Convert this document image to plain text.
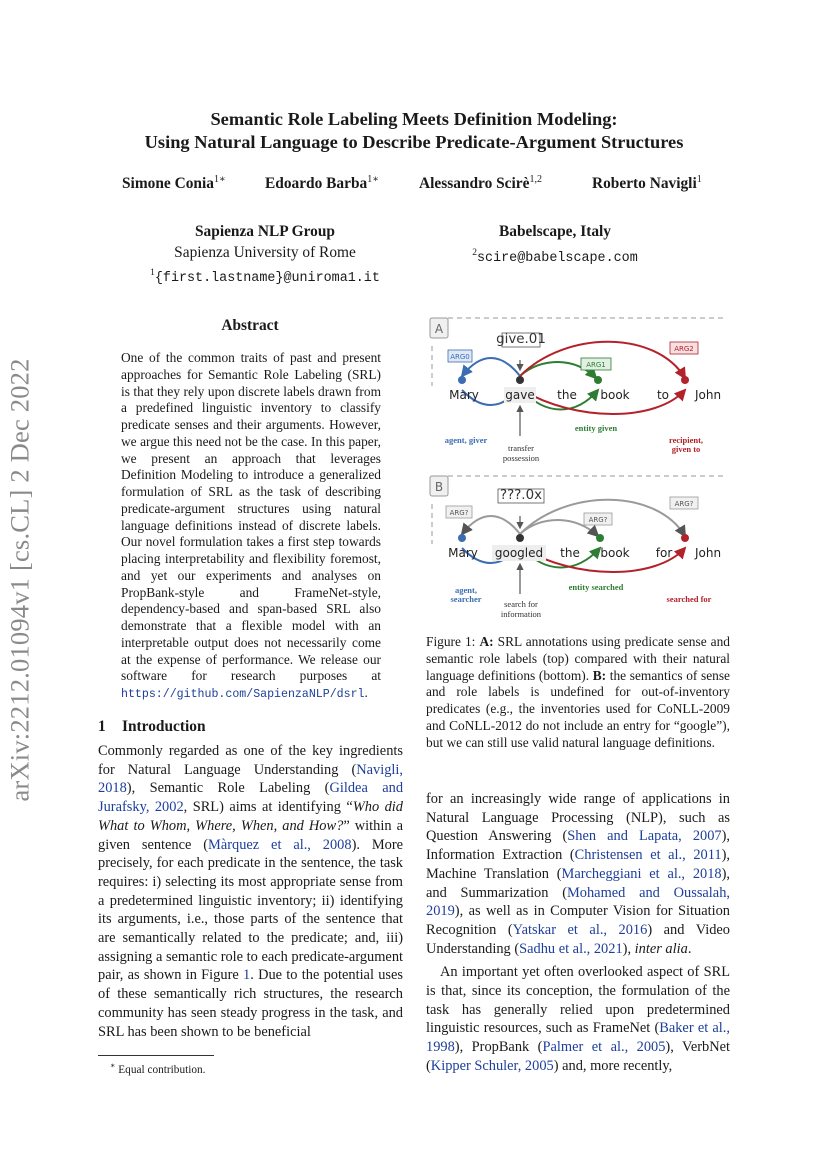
arXiv:2212.01094v1 [cs.CL] 2 Dec 2022
Semantic Role Labeling Meets Definition Modeling:
Using Natural Language to Describe Predicate-Argument Structures
Simone Conia$^{1∗}$	Edoardo Barba$^{1∗}$	Alessandro Scirè$^{1,2}$	Roberto Navigli$^1$
Sapienza NLP Group
Sapienza University of Rome
$^1${first.lastname}@uniroma1.it
Babelscape, Italy
$^2$scire@babelscape.com
Abstract
One of the common traits of past and present approaches for Semantic Role Labeling (SRL) is that they rely upon discrete labels drawn from a predefined linguistic inventory to classify predicate senses and their arguments. However, we argue this need not be the case. In this paper, we present an approach that leverages Definition Modeling to introduce a generalized formulation of SRL as the task of describing predicate-argument structures using natural language definitions instead of discrete labels. Our novel formulation takes a first step towards placing interpretability and flexibility foremost, and yet our experiments and analyses on PropBank-style and FrameNet-style, dependency-based and span-based SRL also demonstrate that a flexible model with an interpretable output does not necessarily come at the expense of performance. We release our software for research purposes at https://github.com/SapienzaNLP/dsrl.
1 Introduction

Commonly regarded as one of the key ingredients for Natural Language Understanding (Navigli, 2018), Semantic Role Labeling (Gildea and Jurafsky, 2002, SRL) aims at identifying “Who did What to Whom, Where, When, and How?” within a given sentence (Màrquez et al., 2008). More precisely, for each predicate in the sentence, the task requires: i) selecting its most appropriate sense from a predetermined linguistic inventory; ii) identifying its arguments, i.e., those parts of the sentence that are semantically related to the predicate; and, iii) assigning a semantic role to each predicate-argument pair, as shown in Figure 1. Due to the potential uses of these semantically rich structures, the research community has seen steady progress in the task, and SRL has been shown to be beneficial

∗ Equal contribution.

for an increasingly wide range of applications in Natural Language Processing (NLP), such as Question Answering (Shen and Lapata, 2007), Information Extraction (Christensen et al., 2011), Machine Translation (Marcheggiani et al., 2018), and Summarization (Mohamed and Oussalah, 2019), as well as in Computer Vision for Situation Recognition (Yatskar et al., 2016) and Video Understanding (Sadhu et al., 2021), inter alia.

An important yet often overlooked aspect of SRL is that, since its conception, the formulation of the task has generally relied upon predetermined linguistic resources, such as FrameNet (Baker et al., 1998), PropBank (Palmer et al., 2005), VerbNet (Kipper Schuler, 2005) and, more recently,

A
give.01
ARG0
ARG1
ARG2
Mary gave the book to John
agent, giver
transfer
possession
entity given
recipient,
given to
B
???.0x
ARG?
ARG?
ARG?
Mary googled the book for John
agent,
searcher	search for
information
entity searched
searched for
Figure 1: A: SRL annotations using predicate sense and semantic role labels (top) compared with their natural language definitions (bottom). B: the semantics of sense and role labels is undefined for out-of-inventory predicates (e.g., the inventories used for CoNLL-2009 and CoNLL-2012 do not include an entry for “google”), but we can still use valid natural language definitions.
